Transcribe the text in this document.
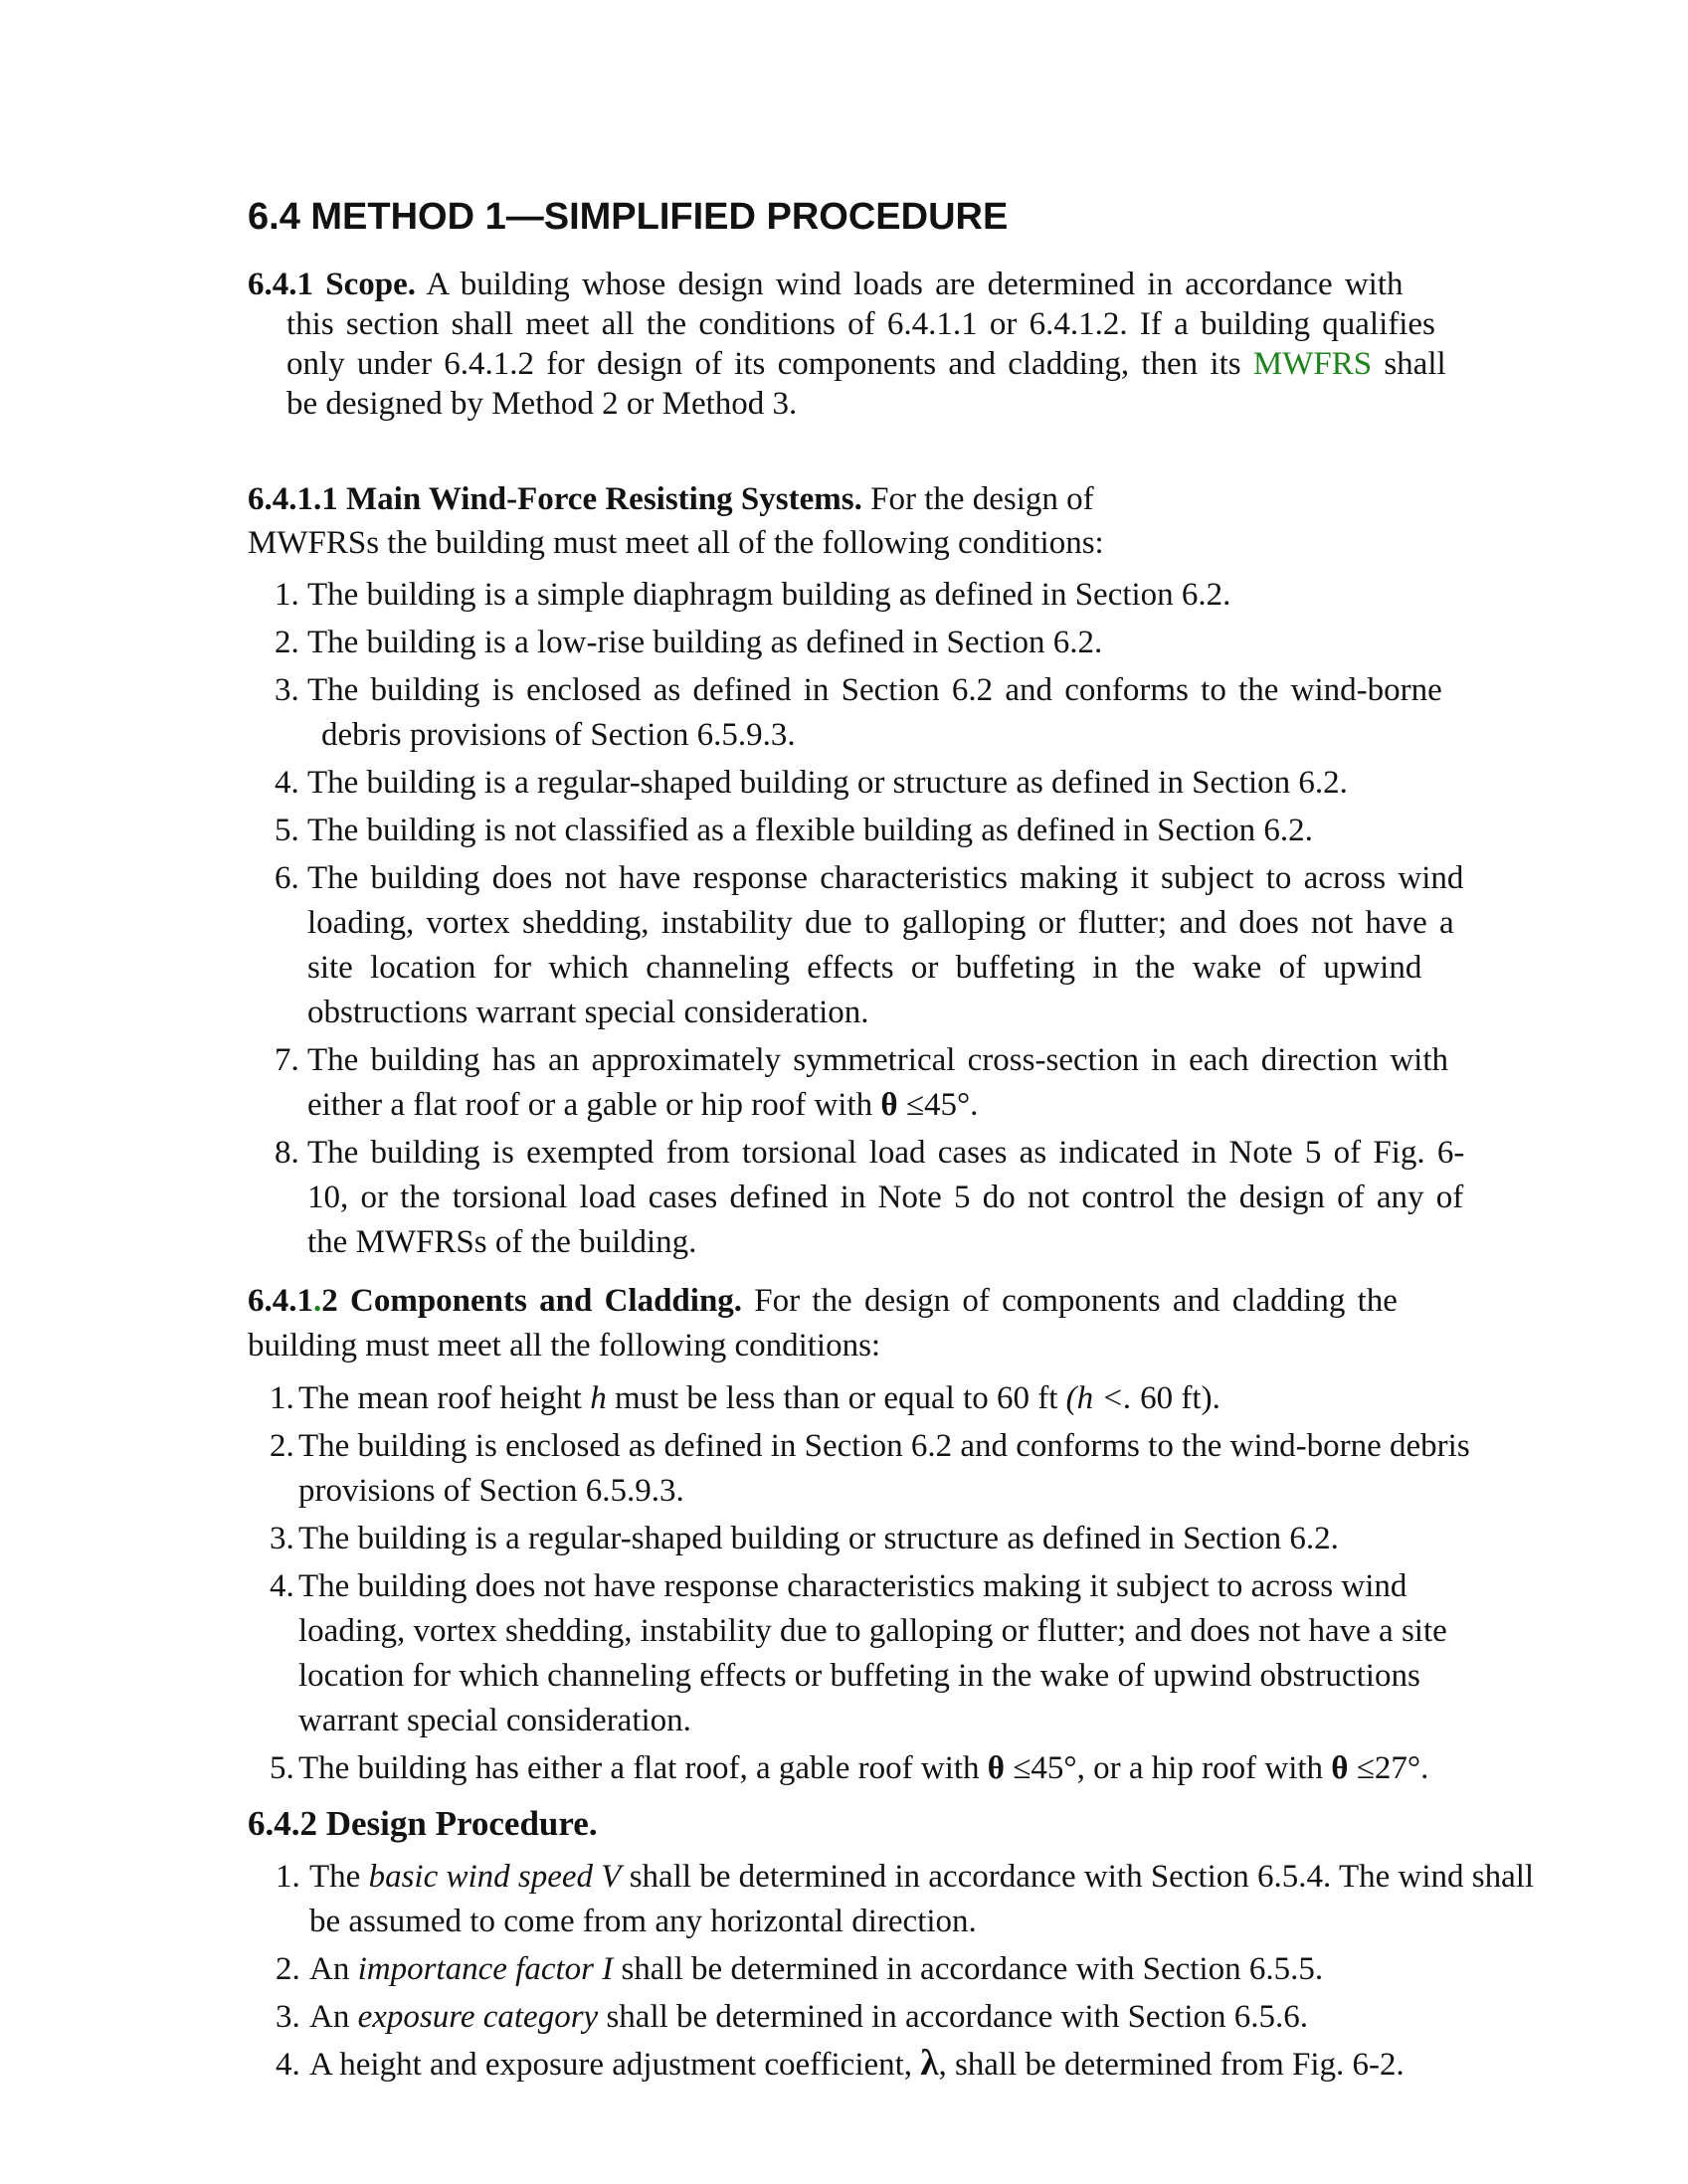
6.4 METHOD 1—SIMPLIFIED PROCEDURE
6.4.1 Scope. A building whose design wind loads are determined in accordance with
this section shall meet all the conditions of 6.4.1.1 or 6.4.1.2. If a building qualifies
only under 6.4.1.2 for design of its components and cladding, then its MWFRS shall
be designed by Method 2 or Method 3.
6.4.1.1 Main Wind-Force Resisting Systems. For the design of
MWFRSs the building must meet all of the following conditions:
1. The building is a simple diaphragm building as defined in Section 6.2.
2. The building is a low-rise building as defined in Section 6.2.
3. The building is enclosed as defined in Section 6.2 and conforms to the wind-borne
debris provisions of Section 6.5.9.3.
4. The building is a regular-shaped building or structure as defined in Section 6.2.
5. The building is not classified as a flexible building as defined in Section 6.2.
6. The building does not have response characteristics making it subject to across wind
loading, vortex shedding, instability due to galloping or flutter; and does not have a
site location for which channeling effects or buffeting in the wake of upwind
obstructions warrant special consideration.
7. The building has an approximately symmetrical cross-section in each direction with
either a flat roof or a gable or hip roof with θ ≤45°.
8. The building is exempted from torsional load cases as indicated in Note 5 of Fig. 6-
10, or the torsional load cases defined in Note 5 do not control the design of any of
the MWFRSs of the building.
6.4.1.2 Components and Cladding. For the design of components and cladding the
building must meet all the following conditions:
1. The mean roof height h must be less than or equal to 60 ft (h <. 60 ft).
2. The building is enclosed as defined in Section 6.2 and conforms to the wind-borne debris
provisions of Section 6.5.9.3.
3. The building is a regular-shaped building or structure as defined in Section 6.2.
4. The building does not have response characteristics making it subject to across wind
loading, vortex shedding, instability due to galloping or flutter; and does not have a site
location for which channeling effects or buffeting in the wake of upwind obstructions
warrant special consideration.
5. The building has either a flat roof, a gable roof with θ ≤45°, or a hip roof with θ ≤27°.
6.4.2 Design Procedure.
1. The basic wind speed V shall be determined in accordance with Section 6.5.4. The wind shall
be assumed to come from any horizontal direction.
2. An importance factor I shall be determined in accordance with Section 6.5.5.
3. An exposure category shall be determined in accordance with Section 6.5.6.
4. A height and exposure adjustment coefficient, λ, shall be determined from Fig. 6-2.
